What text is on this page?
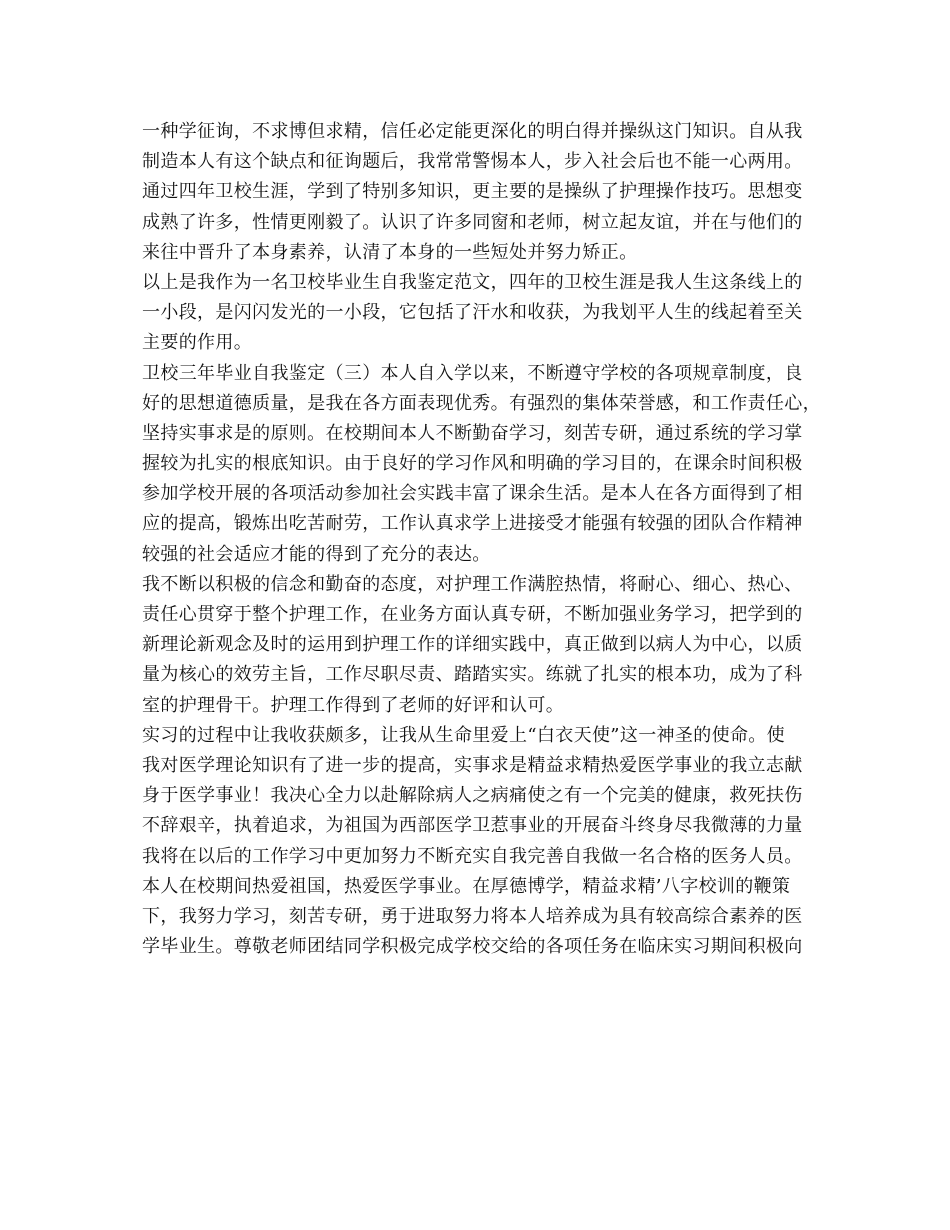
一种学征询，不求博但求精，信任必定能更深化的明白得并操纵这门知识。自从我
制造本人有这个缺点和征询题后，我常常警惕本人，步入社会后也不能一心两用。
通过四年卫校生涯，学到了特别多知识，更主要的是操纵了护理操作技巧。思想变
成熟了许多，性情更刚毅了。认识了许多同窗和老师，树立起友谊，并在与他们的
来往中晋升了本身素养，认清了本身的一些短处并努力矫正。
以上是我作为一名卫校毕业生自我鉴定范文，四年的卫校生涯是我人生这条线上的
一小段，是闪闪发光的一小段，它包括了汗水和收获，为我划平人生的线起着至关
主要的作用。
卫校三年毕业自我鉴定（三）本人自入学以来，不断遵守学校的各项规章制度，良
好的思想道德质量，是我在各方面表现优秀。有强烈的集体荣誉感，和工作责任心，
坚持实事求是的原则。在校期间本人不断勤奋学习，刻苦专研，通过系统的学习掌
握较为扎实的根底知识。由于良好的学习作风和明确的学习目的，在课余时间积极
参加学校开展的各项活动参加社会实践丰富了课余生活。是本人在各方面得到了相
应的提高，锻炼出吃苦耐劳，工作认真求学上进接受才能强有较强的团队合作精神
较强的社会适应才能的得到了充分的表达。
我不断以积极的信念和勤奋的态度，对护理工作满腔热情，将耐心、细心、热心、
责任心贯穿于整个护理工作，在业务方面认真专研，不断加强业务学习，把学到的
新理论新观念及时的运用到护理工作的详细实践中，真正做到以病人为中心，以质
量为核心的效劳主旨，工作尽职尽责、踏踏实实。练就了扎实的根本功，成为了科
室的护理骨干。护理工作得到了老师的好评和认可。
实习的过程中让我收获颇多，让我从生命里爱上“白衣天使”这一神圣的使命。使
我对医学理论知识有了进一步的提高，实事求是精益求精热爱医学事业的我立志献
身于医学事业！我决心全力以赴解除病人之病痛使之有一个完美的健康，救死扶伤
不辞艰辛，执着追求，为祖国为西部医学卫惹事业的开展奋斗终身尽我微薄的力量
我将在以后的工作学习中更加努力不断充实自我完善自我做一名合格的医务人员。
本人在校期间热爱祖国，热爱医学事业。在厚德博学，精益求精’八字校训的鞭策
下，我努力学习，刻苦专研，勇于进取努力将本人培养成为具有较高综合素养的医
学毕业生。尊敬老师团结同学积极完成学校交给的各项任务在临床实习期间积极向
